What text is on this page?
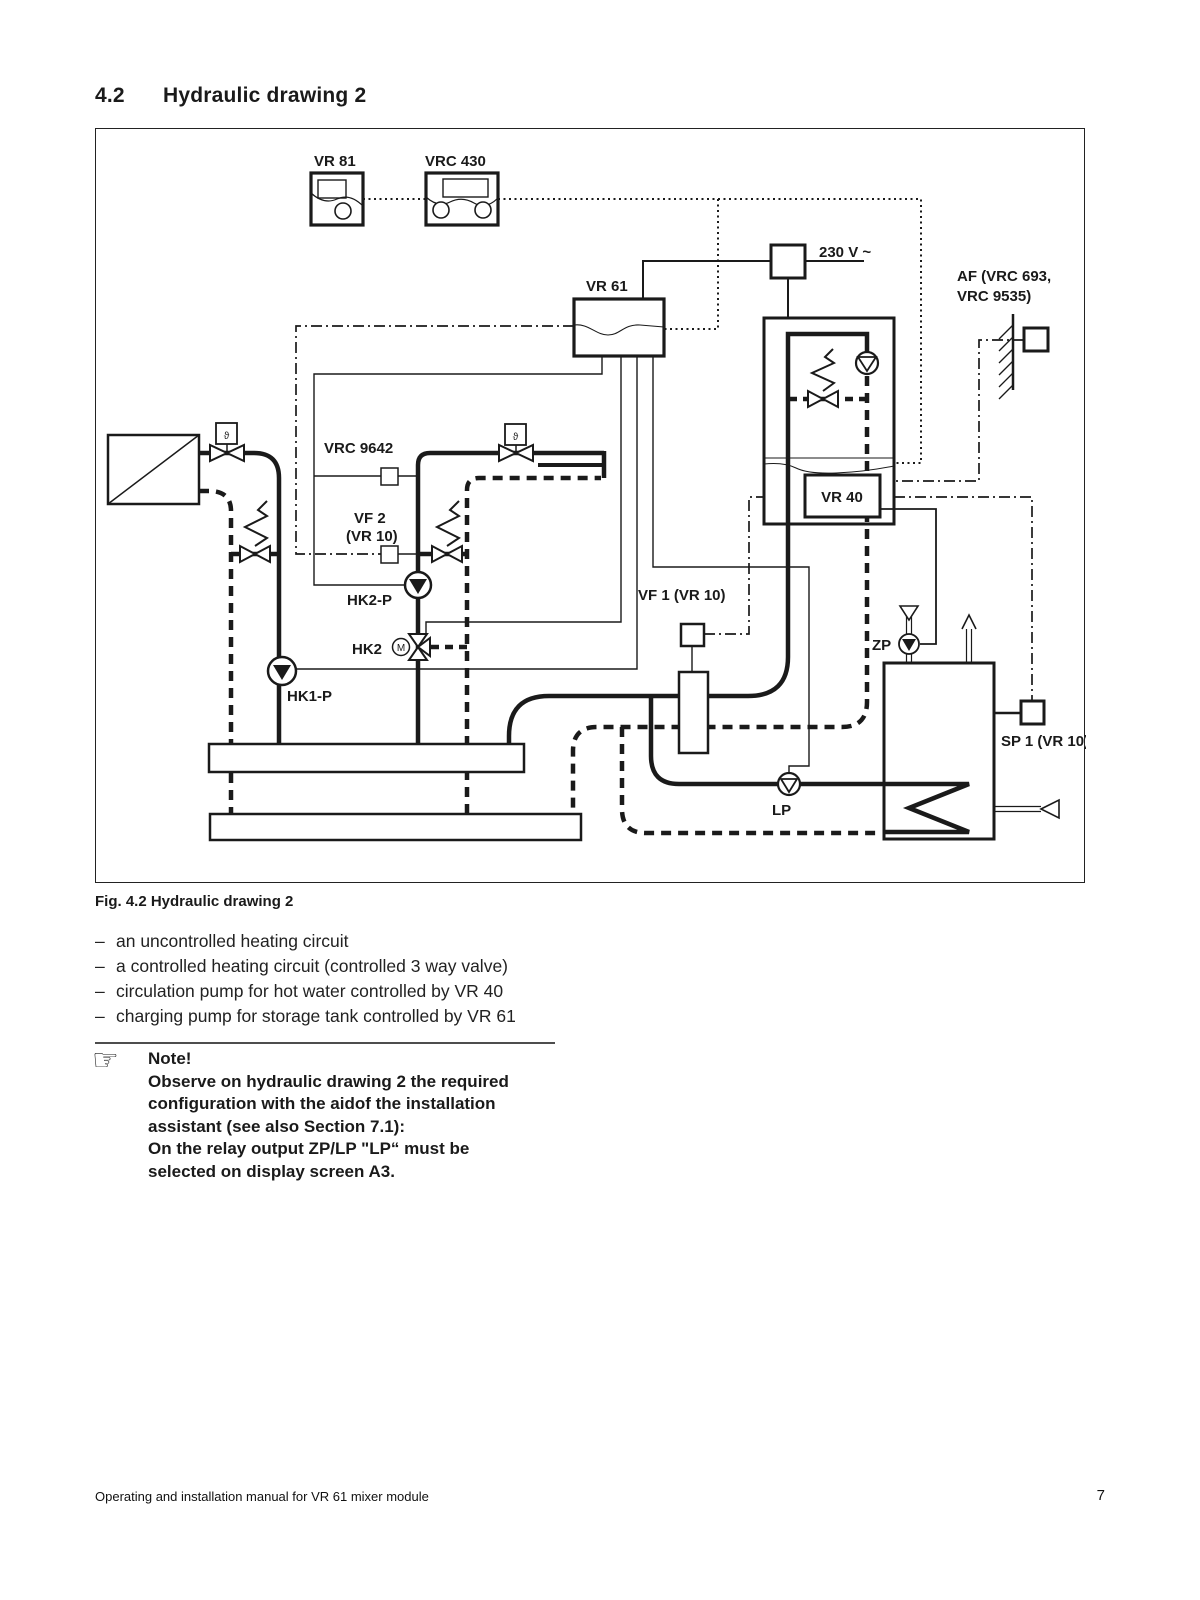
4.2 Hydraulic drawing 2
VR 40
ϑ	ϑ
M
VR 81	VRC 430
VR 61
230 V ~
AF (VRC 693,
VRC 9535)
VRC 9642
VF 2
(VR 10)
HK2-P
HK2
HK1-P
VF 1 (VR 10)
ZP
SP 1 (VR 10)
LP
Fig. 4.2 Hydraulic drawing 2
– an uncontrolled heating circuit
– a controlled heating circuit (controlled 3 way valve)
– circulation pump for hot water controlled by VR 40
– charging pump for storage tank controlled by VR 61
☞ Note!
Observe on hydraulic drawing 2 the required
configuration with the aidof the installation
assistant (see also Section 7.1):
On the relay output ZP/LP "LP“ must be
selected on display screen A3.
Operating and installation manual for VR 61 mixer module	7
